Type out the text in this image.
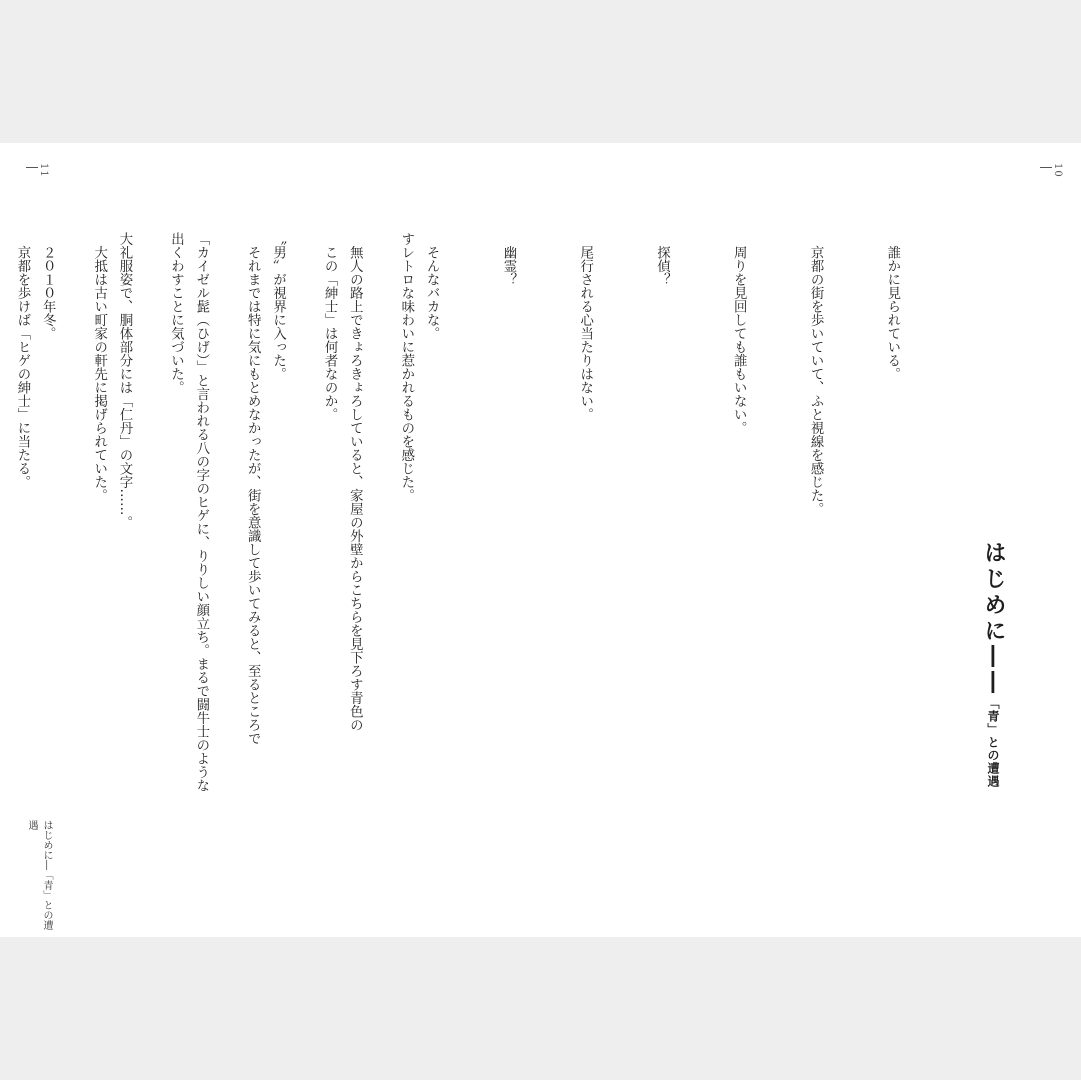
11	10
はじめに――「青」との遭遇

　誰かに見られている。

　京都の街を歩いていて、ふと視線を感じた。

　周りを見回しても誰もいない。

　探偵？

　尾行される心当たりはない。

　幽霊？

　そんなバカな。

　無人の路上できょろきょろしていると、家屋の外壁からこちらを見下ろす青色の

〝男〟が視界に入った。

「カイゼル髭（ひげ）」と言われる八の字のヒゲに、りりしい顔立ち。まるで闘牛士のような

大礼服姿で、胴体部分には「仁丹」の文字……。

　２０１０年冬。

	すレトロな味わいに惹かれるものを感じた。

　この「紳士」は何者なのか。

　それまでは特に気にもとめなかったが、街を意識して歩いてみると、至るところで

出くわすことに気づいた。

　大抵は古い町家の軒先に掲げられていた。

　京都を歩けば「ヒゲの紳士」に当たる。

はじめに―「青」との遭遇
